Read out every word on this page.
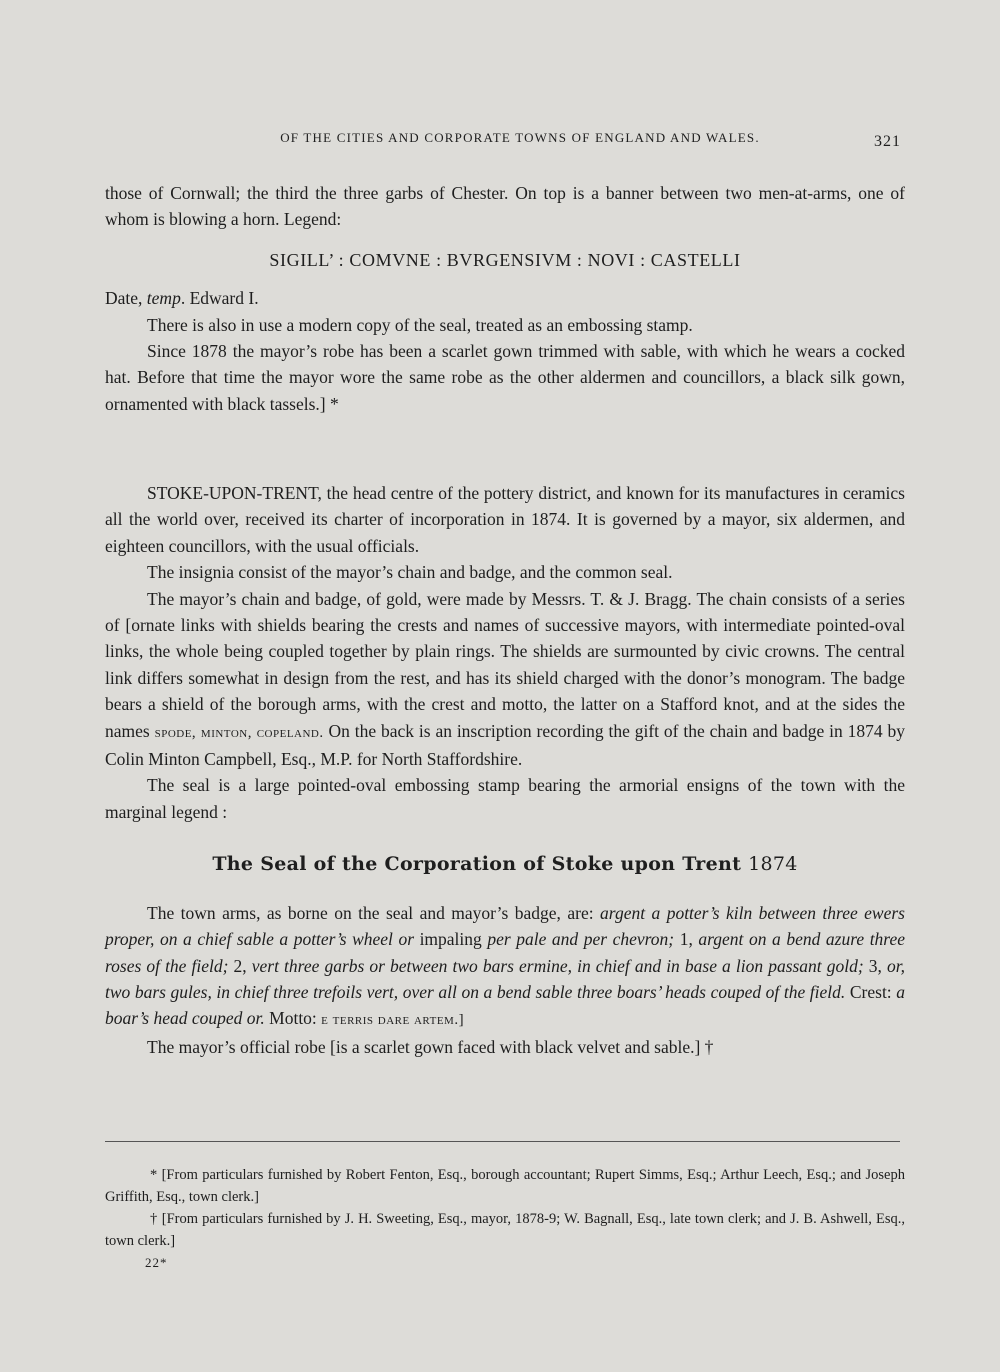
OF THE CITIES AND CORPORATE TOWNS OF ENGLAND AND WALES.	321

those of Cornwall; the third the three garbs of Chester. On top is a banner between two men-at-arms, one of whom is blowing a horn. Legend:

SIGILL’ : COMVNE : BVRGENSIVM : NOVI : CASTELLI

Date, temp. Edward I.

There is also in use a modern copy of the seal, treated as an embossing stamp.

Since 1878 the mayor’s robe has been a scarlet gown trimmed with sable, with which he wears a cocked hat. Before that time the mayor wore the same robe as the other aldermen and councillors, a black silk gown, ornamented with black tassels.] *

STOKE-UPON-TRENT, the head centre of the pottery district, and known for its manufactures in ceramics all the world over, received its charter of incorporation in 1874. It is governed by a mayor, six aldermen, and eighteen councillors, with the usual officials.

The insignia consist of the mayor’s chain and badge, and the common seal.

The mayor’s chain and badge, of gold, were made by Messrs. T. & J. Bragg. The chain consists of a series of [ornate links with shields bearing the crests and names of successive mayors, with intermediate pointed-oval links, the whole being coupled together by plain rings. The shields are surmounted by civic crowns. The central link differs somewhat in design from the rest, and has its shield charged with the donor’s monogram. The badge bears a shield of the borough arms, with the crest and motto, the latter on a Stafford knot, and at the sides the names spode, minton, copeland. On the back is an inscription recording the gift of the chain and badge in 1874 by Colin Minton Campbell, Esq., M.P. for North Staffordshire.

The seal is a large pointed-oval embossing stamp bearing the armorial ensigns of the town with the marginal legend :

The Seal of the Corporation of Stoke upon Trent 1874

The town arms, as borne on the seal and mayor’s badge, are: argent a potter’s kiln between three ewers proper, on a chief sable a potter’s wheel or impaling per pale and per chevron; 1, argent on a bend azure three roses of the field; 2, vert three garbs or between two bars ermine, in chief and in base a lion passant gold; 3, or, two bars gules, in chief three trefoils vert, over all on a bend sable three boars’ heads couped of the field. Crest: a boar’s head couped or. Motto: e terris dare artem.]

The mayor’s official robe [is a scarlet gown faced with black velvet and sable.] †

* [From particulars furnished by Robert Fenton, Esq., borough accountant; Rupert Simms, Esq.; Arthur Leech, Esq.; and Joseph Griffith, Esq., town clerk.]

† [From particulars furnished by J. H. Sweeting, Esq., mayor, 1878-9; W. Bagnall, Esq., late town clerk; and J. B. Ashwell, Esq., town clerk.]

22*
